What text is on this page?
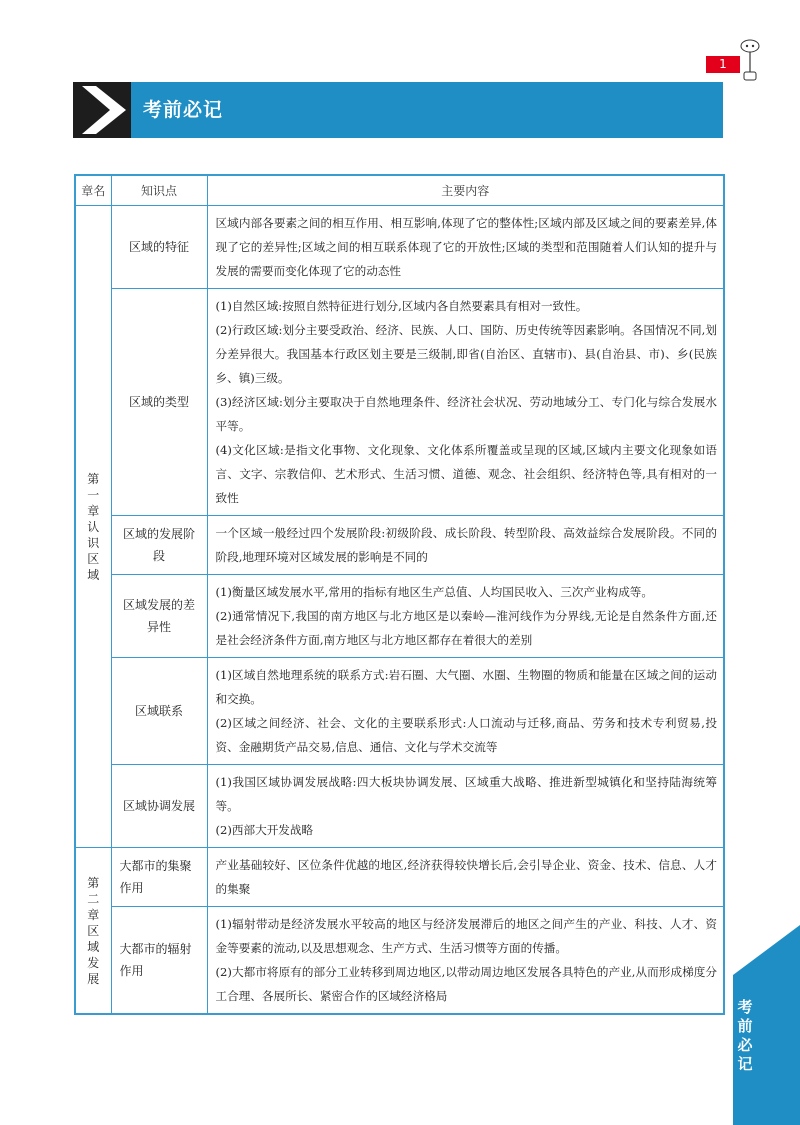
考前必记
1
考前必记
章名	知识点	主要内容
第一章 认识区域	区域的特征	区域内部各要素之间的相互作用、相互影响,体现了它的整体性;区域内部及区域之间的要素差异,体现了它的差异性;区域之间的相互联系体现了它的开放性;区域的类型和范围随着人们认知的提升与发展的需要而变化体现了它的动态性

	区域的类型	(1)自然区域:按照自然特征进行划分,区域内各自然要素具有相对一致性。
(2)行政区域:划分主要受政治、经济、民族、人口、国防、历史传统等因素影响。各国情况不同,划分差异很大。我国基本行政区划主要是三级制,即省(自治区、直辖市)、县(自治县、市)、乡(民族乡、镇)三级。
(3)经济区域:划分主要取决于自然地理条件、经济社会状况、劳动地域分工、专门化与综合发展水平等。
(4)文化区域:是指文化事物、文化现象、文化体系所覆盖或呈现的区域,区域内主要文化现象如语言、文字、宗教信仰、艺术形式、生活习惯、道德、观念、社会组织、经济特色等,具有相对的一致性

	区域的发展阶段	一个区域一般经过四个发展阶段:初级阶段、成长阶段、转型阶段、高效益综合发展阶段。不同的阶段,地理环境对区域发展的影响是不同的

	区域发展的差异性	(1)衡量区域发展水平,常用的指标有地区生产总值、人均国民收入、三次产业构成等。
(2)通常情况下,我国的南方地区与北方地区是以秦岭—淮河线作为分界线,无论是自然条件方面,还是社会经济条件方面,南方地区与北方地区都存在着很大的差别

	区域联系	(1)区域自然地理系统的联系方式:岩石圈、大气圈、水圈、生物圈的物质和能量在区域之间的运动和交换。
(2)区域之间经济、社会、文化的主要联系形式:人口流动与迁移,商品、劳务和技术专利贸易,投资、金融期货产品交易,信息、通信、文化与学术交流等

	区域协调发展	(1)我国区域协调发展战略:四大板块协调发展、区域重大战略、推进新型城镇化和坚持陆海统筹等。
(2)西部大开发战略

第二章 区域发展	大都市的集聚作用	产业基础较好、区位条件优越的地区,经济获得较快增长后,会引导企业、资金、技术、信息、人才的集聚

	大都市的辐射作用	(1)辐射带动是经济发展水平较高的地区与经济发展滞后的地区之间产生的产业、科技、人才、资金等要素的流动,以及思想观念、生产方式、生活习惯等方面的传播。
(2)大都市将原有的部分工业转移到周边地区,以带动周边地区发展各具特色的产业,从而形成梯度分工合理、各展所长、紧密合作的区域经济格局
